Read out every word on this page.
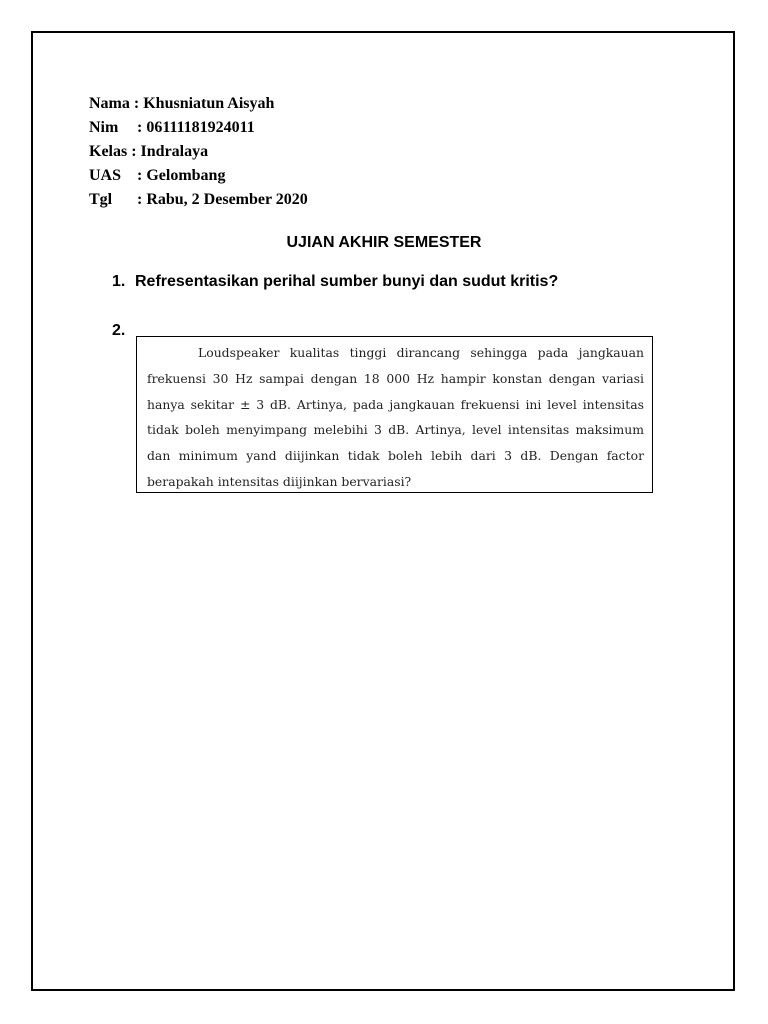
Nama : Khusniatun Aisyah
Nim : 06111181924011
Kelas : Indralaya
UAS : Gelombang
Tgl : Rabu, 2 Desember 2020
UJIAN AKHIR SEMESTER
1. Refresentasikan perihal sumber bunyi dan sudut kritis?
2.
Loudspeaker kualitas tinggi dirancang sehingga pada jangkauan frekuensi 30 Hz sampai dengan 18 000 Hz hampir konstan dengan variasi hanya sekitar ± 3 dB. Artinya, pada jangkauan frekuensi ini level intensitas tidak boleh menyimpang melebihi 3 dB. Artinya, level intensitas maksimum dan minimum yand diijinkan tidak boleh lebih dari 3 dB. Dengan factor berapakah intensitas diijinkan bervariasi?
